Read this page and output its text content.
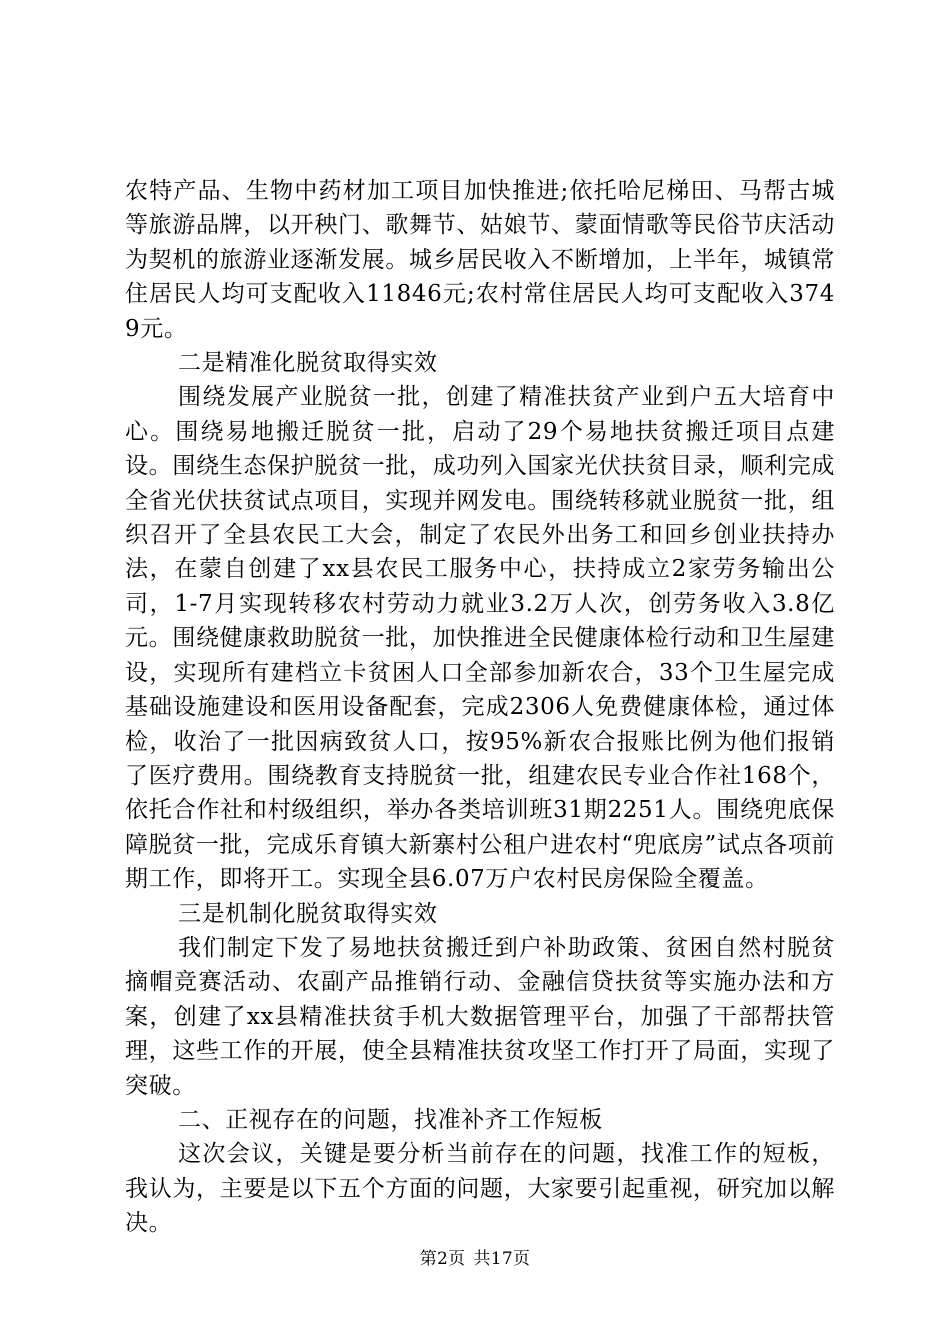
农特产品、生物中药材加工项目加快推进;依托哈尼梯田、马帮古城等旅游品牌，以开秧门、歌舞节、姑娘节、蒙面情歌等民俗节庆活动为契机的旅游业逐渐发展。城乡居民收入不断增加，上半年，城镇常住居民人均可支配收入11846元;农村常住居民人均可支配收入3749元。

二是精准化脱贫取得实效

围绕发展产业脱贫一批，创建了精准扶贫产业到户五大培育中心。围绕易地搬迁脱贫一批，启动了29个易地扶贫搬迁项目点建设。围绕生态保护脱贫一批，成功列入国家光伏扶贫目录，顺利完成全省光伏扶贫试点项目，实现并网发电。围绕转移就业脱贫一批，组织召开了全县农民工大会，制定了农民外出务工和回乡创业扶持办法，在蒙自创建了xx县农民工服务中心，扶持成立2家劳务输出公司，1-7月实现转移农村劳动力就业3.2万人次，创劳务收入3.8亿元。围绕健康救助脱贫一批，加快推进全民健康体检行动和卫生屋建设，实现所有建档立卡贫困人口全部参加新农合，33个卫生屋完成基础设施建设和医用设备配套，完成2306人免费健康体检，通过体检，收治了一批因病致贫人口，按95%新农合报账比例为他们报销了医疗费用。围绕教育支持脱贫一批，组建农民专业合作社168个，依托合作社和村级组织，举办各类培训班31期2251人。围绕兜底保障脱贫一批，完成乐育镇大新寨村公租户进农村“兜底房”试点各项前期工作，即将开工。实现全县6.07万户农村民房保险全覆盖。

三是机制化脱贫取得实效

我们制定下发了易地扶贫搬迁到户补助政策、贫困自然村脱贫摘帽竞赛活动、农副产品推销行动、金融信贷扶贫等实施办法和方案，创建了xx县精准扶贫手机大数据管理平台，加强了干部帮扶管理，这些工作的开展，使全县精准扶贫攻坚工作打开了局面，实现了突破。

二、正视存在的问题，找准补齐工作短板

这次会议，关键是要分析当前存在的问题，找准工作的短板，我认为，主要是以下五个方面的问题，大家要引起重视，研究加以解决。

第2页 共17页
